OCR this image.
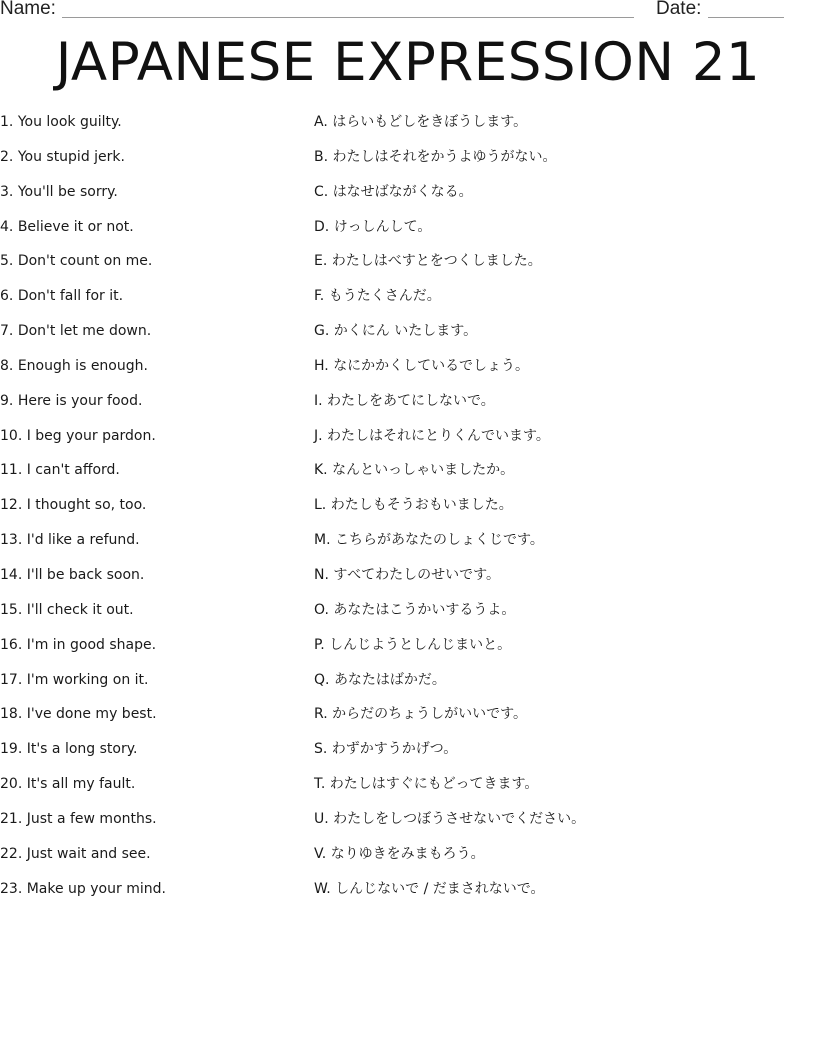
Name:	Date:
JAPANESE EXPRESSION 21
1. You look guilty.
2. You stupid jerk.
3. You'll be sorry.
4. Believe it or not.
5. Don't count on me.
6. Don't fall for it.
7. Don't let me down.
8. Enough is enough.
9. Here is your food.
10. I beg your pardon.
11. I can't afford.
12. I thought so, too.
13. I'd like a refund.
14. I'll be back soon.
15. I'll check it out.
16. I'm in good shape.
17. I'm working on it.
18. I've done my best.
19. It's a long story.
20. It's all my fault.
21. Just a few months.
22. Just wait and see.
23. Make up your mind.
A. はらいもどしをきぼうします。
B. わたしはそれをかうよゆうがない。
C. はなせばながくなる。
D. けっしんして。
E. わたしはべすとをつくしました。
F. もうたくさんだ。
G. かくにん いたします。
H. なにかかくしているでしょう。
I. わたしをあてにしないで。
J. わたしはそれにとりくんでいます。
K. なんといっしゃいましたか。
L. わたしもそうおもいました。
M. こちらがあなたのしょくじです。
N. すべてわたしのせいです。
O. あなたはこうかいするうよ。
P. しんじようとしんじまいと。
Q. あなたはばかだ。
R. からだのちょうしがいいです。
S. わずかすうかげつ。
T. わたしはすぐにもどってきます。
U. わたしをしつぼうさせないでください。
V. なりゆきをみまもろう。
W. しんじないで / だまされないで。
